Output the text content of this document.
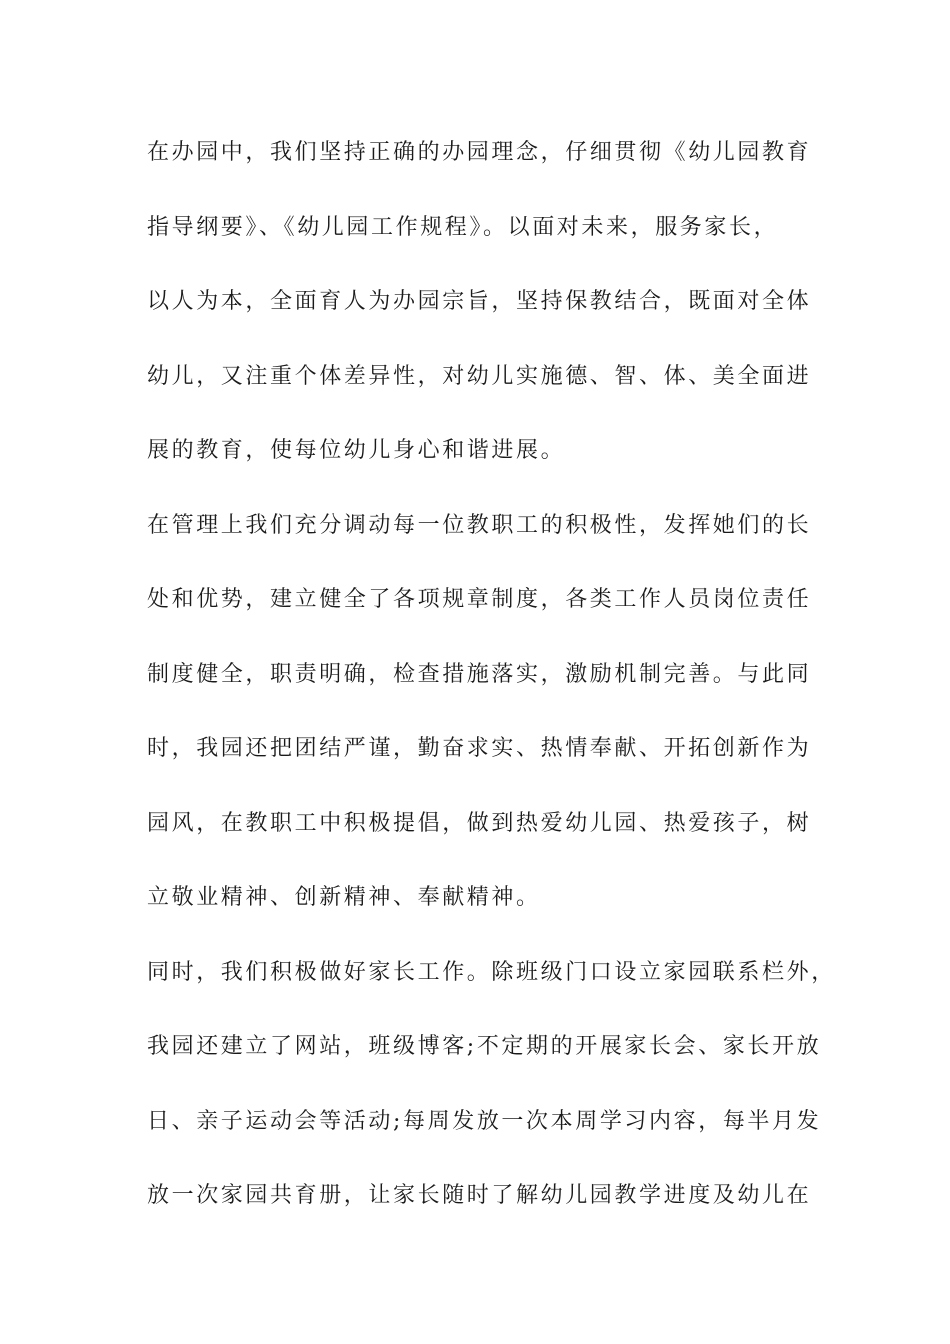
在办园中，我们坚持正确的办园理念，仔细贯彻《幼儿园教育
指导纲要》、《幼儿园工作规程》。以面对未来，服务家长，
以人为本，全面育人为办园宗旨，坚持保教结合，既面对全体
幼儿，又注重个体差异性，对幼儿实施德、智、体、美全面进
展的教育，使每位幼儿身心和谐进展。
在管理上我们充分调动每一位教职工的积极性，发挥她们的长
处和优势，建立健全了各项规章制度，各类工作人员岗位责任
制度健全，职责明确，检查措施落实，激励机制完善。与此同
时，我园还把团结严谨，勤奋求实、热情奉献、开拓创新作为
园风，在教职工中积极提倡，做到热爱幼儿园、热爱孩子，树
立敬业精神、创新精神、奉献精神。
同时，我们积极做好家长工作。除班级门口设立家园联系栏外，
我园还建立了网站，班级博客;不定期的开展家长会、家长开放
日、亲子运动会等活动;每周发放一次本周学习内容，每半月发
放一次家园共育册，让家长随时了解幼儿园教学进度及幼儿在
